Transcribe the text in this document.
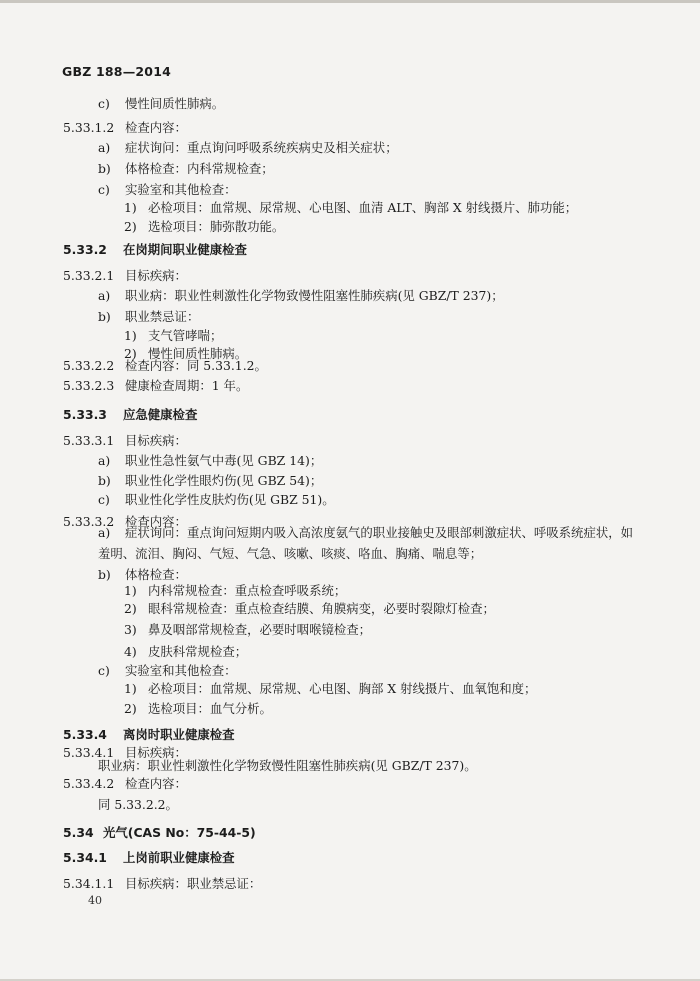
GBZ 188—2014
c) 慢性间质性肺病。
5.33.1.2 检查内容：
a) 症状询问：重点询问呼吸系统疾病史及相关症状；
b) 体格检查：内科常规检查；
c) 实验室和其他检查：
1) 必检项目：血常规、尿常规、心电图、血清 ALT、胸部 X 射线摄片、肺功能；
2) 选检项目：肺弥散功能。
5.33.2 在岗期间职业健康检查
5.33.2.1 目标疾病：
a) 职业病：职业性刺激性化学物致慢性阻塞性肺疾病(见 GBZ/T 237)；
b) 职业禁忌证：
1) 支气管哮喘；
2) 慢性间质性肺病。
5.33.2.2 检查内容：同 5.33.1.2。
5.33.2.3 健康检查周期：1 年。
5.33.3 应急健康检查
5.33.3.1 目标疾病：
a) 职业性急性氨气中毒(见 GBZ 14)；
b) 职业性化学性眼灼伤(见 GBZ 54)；
c) 职业性化学性皮肤灼伤(见 GBZ 51)。
5.33.3.2 检查内容：
a) 症状询问：重点询问短期内吸入高浓度氨气的职业接触史及眼部刺激症状、呼吸系统症状，如
羞明、流泪、胸闷、气短、气急、咳嗽、咳痰、咯血、胸痛、喘息等；
b) 体格检查：
1) 内科常规检查：重点检查呼吸系统；
2) 眼科常规检查：重点检查结膜、角膜病变，必要时裂隙灯检查；
3) 鼻及咽部常规检查，必要时咽喉镜检查；
4) 皮肤科常规检查；
c) 实验室和其他检查：
1) 必检项目：血常规、尿常规、心电图、胸部 X 射线摄片、血氧饱和度；
2) 选检项目：血气分析。
5.33.4 离岗时职业健康检查
5.33.4.1 目标疾病：
职业病：职业性刺激性化学物致慢性阻塞性肺疾病(见 GBZ/T 237)。
5.33.4.2 检查内容：
同 5.33.2.2。
5.34 光气(CAS No：75-44-5)
5.34.1 上岗前职业健康检查
5.34.1.1 目标疾病：职业禁忌证：
40
